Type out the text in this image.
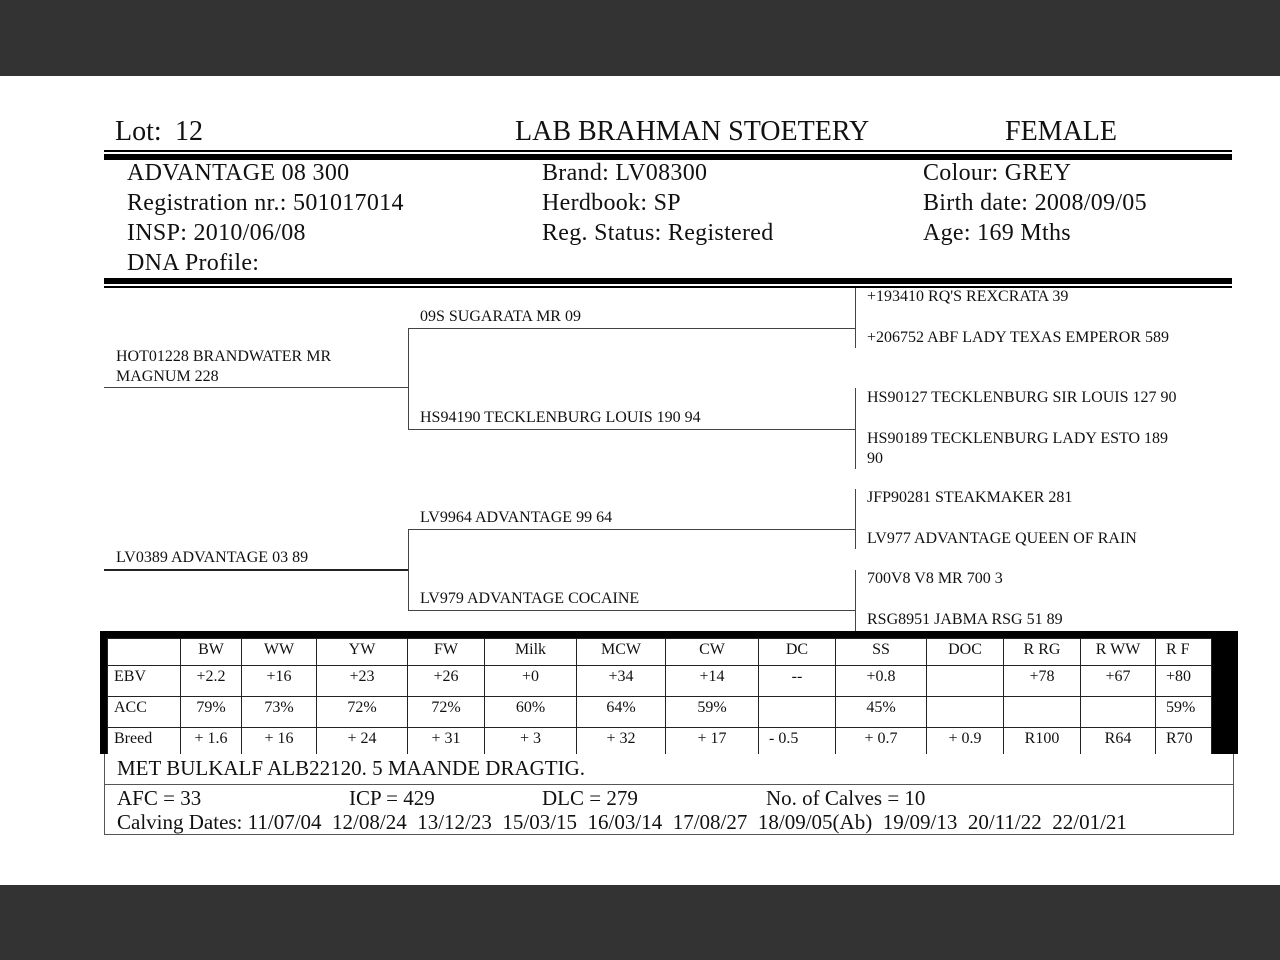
Lot: 12	LAB BRAHMAN STOETERY	FEMALE
ADVANTAGE 08 300
Registration nr.: 501017014
INSP: 2010/06/08
DNA Profile:
Brand: LV08300
Herdbook: SP
Reg. Status: Registered
Colour: GREY
Birth date: 2008/09/05
Age: 169 Mths
HOT01228 BRANDWATER MR
MAGNUM 228
09S SUGARATA MR 09
HS94190 TECKLENBURG LOUIS 190 94
+193410 RQ'S REXCRATA 39
+206752 ABF LADY TEXAS EMPEROR 589
HS90127 TECKLENBURG SIR LOUIS 127 90
HS90189 TECKLENBURG LADY ESTO 189
90
LV0389 ADVANTAGE 03 89
LV9964 ADVANTAGE 99 64
LV979 ADVANTAGE COCAINE
JFP90281 STEAKMAKER 281
LV977 ADVANTAGE QUEEN OF RAIN
700V8 V8 MR 700 3
RSG8951 JABMA RSG 51 89
	BW	WW	YW	FW	Milk	MCW	CW	DC	SS	DOC	R RG	R WW	R F
EBV	+2.2	+16	+23	+26	+0	+34	+14	--	+0.8		+78	+67	+80
ACC	79%	73%	72%	72%	60%	64%	59%		45%				59%
Breed	+ 1.6	+ 16	+ 24	+ 31	+ 3	+ 32	+ 17	- 0.5	+ 0.7	+ 0.9	R100	R64	R70
MET BULKALF ALB22120. 5 MAANDE DRAGTIG.
AFC = 33	ICP = 429	DLC = 279	No. of Calves = 10
Calving Dates: 11/07/04  12/08/24  13/12/23  15/03/15  16/03/14  17/08/27  18/09/05(Ab)  19/09/13  20/11/22  22/01/21
